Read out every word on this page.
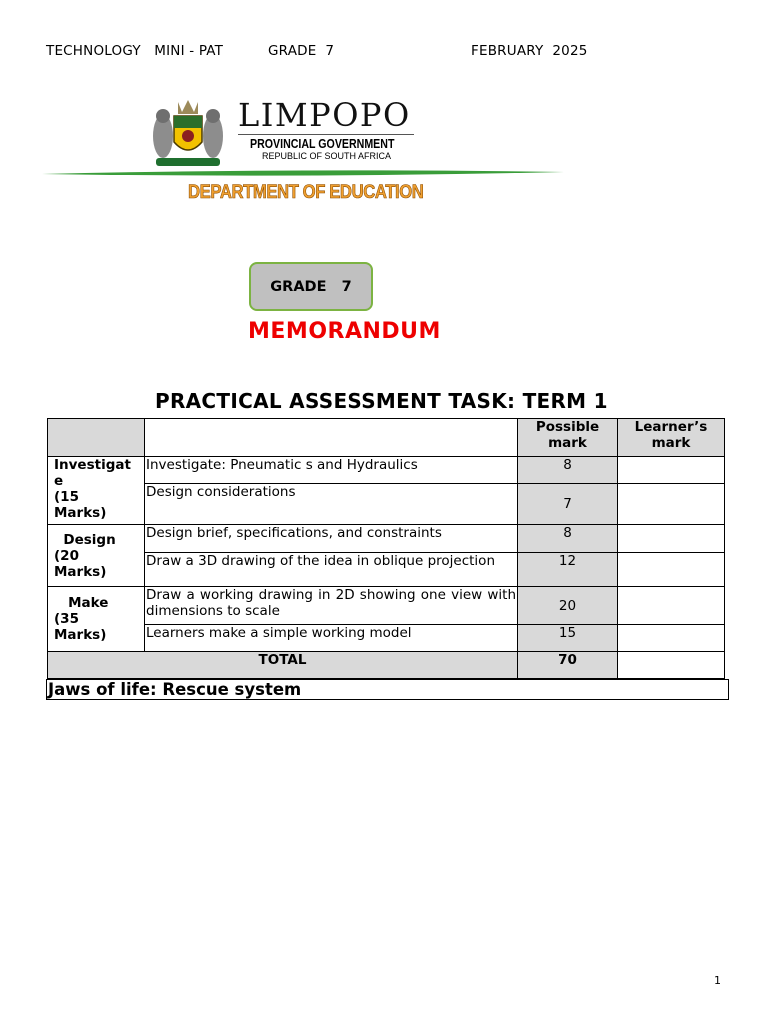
TECHNOLOGY   MINI - PAT	GRADE  7	FEBRUARY  2025
LIMPOPO
PROVINCIAL GOVERNMENT
REPUBLIC OF SOUTH AFRICA
DEPARTMENT OF EDUCATION
GRADE   7
MEMORANDUM
PRACTICAL ASSESSMENT TASK: TERM 1
		Possible mark	Learner’s mark
Investigat
e
(15
Marks)	Investigate: Pneumatic s and Hydraulics	8	
	Design considerations	7	
Design
(20
Marks)	Design brief, specifications, and constraints	8	
	Draw a 3D drawing of the idea in oblique projection	12	
Make
(35
Marks)	Draw a working drawing in 2D showing one view with dimensions to scale	20	
	Learners make a simple working model	15	
TOTAL		70	
Jaws of life: Rescue system
1
